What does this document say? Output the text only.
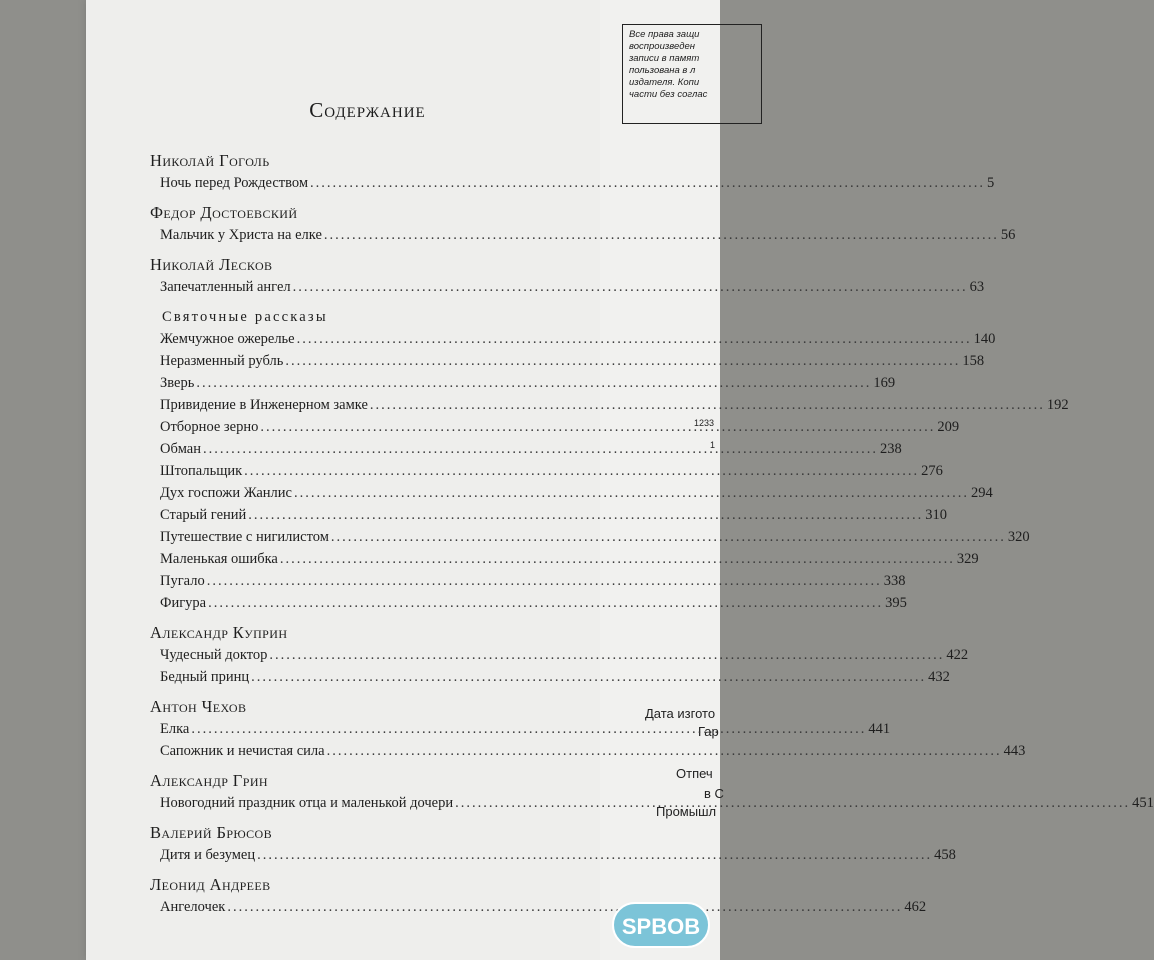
Все права защи
воспроизведен
записи в памят
пользована в л
издателя. Копи
части без соглас
1233
1
Дата изгото
Гар
Отпеч
в С
Промышл
Содержание
Николай Гоголь
Ночь перед Рождеством .....	5
Федор Достоевский
Мальчик у Христа на елке .....	56
Николай Лесков
Запечатленный ангел .....	63
Святочные рассказы
Жемчужное ожерелье .....	140
Неразменный рубль .....	158
Зверь .....	169
Привидение в Инженерном замке .....	192
Отборное зерно .....	209
Обман .....	238
Штопальщик .....	276
Дух госпожи Жанлис .....	294
Старый гений .....	310
Путешествие с нигилистом .....	320
Маленькая ошибка .....	329
Пугало .....	338
Фигура .....	395
Александр Куприн
Чудесный доктор .....	422
Бедный принц .....	432
Антон Чехов
Елка .....	441
Сапожник и нечистая сила .....	443
Александр Грин
Новогодний праздник отца и маленькой дочери .....	451
Валерий Брюсов
Дитя и безумец .....	458
Леонид Андреев
Ангелочек .....	462
SPBOB
